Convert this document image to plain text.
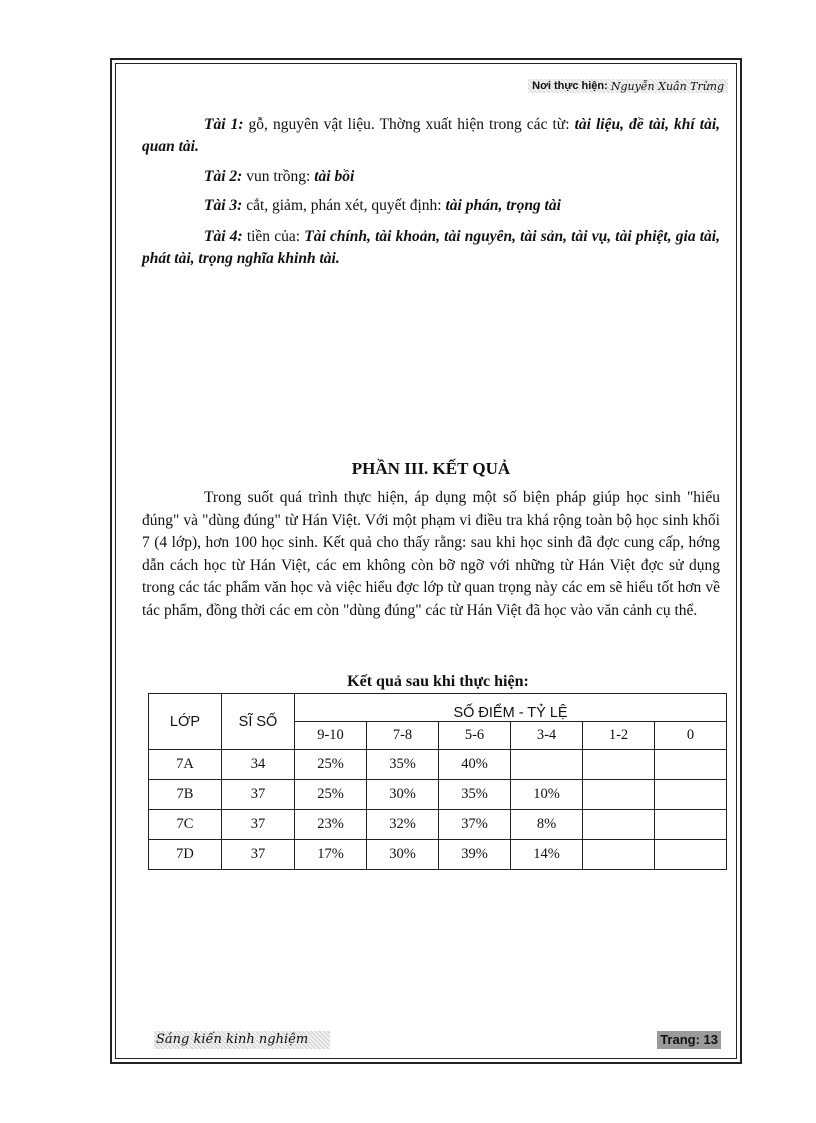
Nơi thực hiện: Nguyễn Xuân Trừng

Tài 1: gỗ, nguyên vật liệu. Thờng xuất hiện trong các từ: tài liệu, đề tài, khí tài, quan tài.

Tài 2: vun trồng: tài bồi

Tài 3: cắt, giảm, phán xét, quyết định: tài phán, trọng tài

Tài 4: tiền của: Tài chính, tài khoản, tài nguyên, tài sản, tài vụ, tài phiệt, gia tài, phát tài, trọng nghĩa khinh tài.

PHẦN III. KẾT QUẢ

Trong suốt quá trình thực hiện, áp dụng một số biện pháp giúp học sinh "hiểu đúng" và "dùng đúng" từ Hán Việt. Với một phạm vi điều tra khá rộng toàn bộ học sinh khối 7 (4 lớp), hơn 100 học sinh. Kết quả cho thấy rằng: sau khi học sinh đã đợc cung cấp, hớng dẫn cách học từ Hán Việt, các em không còn bỡ ngỡ với những từ Hán Việt đợc sử dụng trong các tác phẩm văn học và việc hiểu đợc lớp từ quan trọng này các em sẽ hiểu tốt hơn về tác phẩm, đồng thời các em còn "dùng đúng" các từ Hán Việt đã học vào văn cảnh cụ thể.

Kết quả sau khi thực hiện:

LỚP	SĨ SỐ	SỐ ĐIỂM - TỶ LỆ					
		9-10	7-8	5-6	3-4	1-2	0
7A	34	25%	35%	40%			
7B	37	25%	30%	35%	10%		
7C	37	23%	32%	37%	8%		
7D	37	17%	30%	39%	14%		
Sáng kiến kinh nghiệm	Trang: 13
